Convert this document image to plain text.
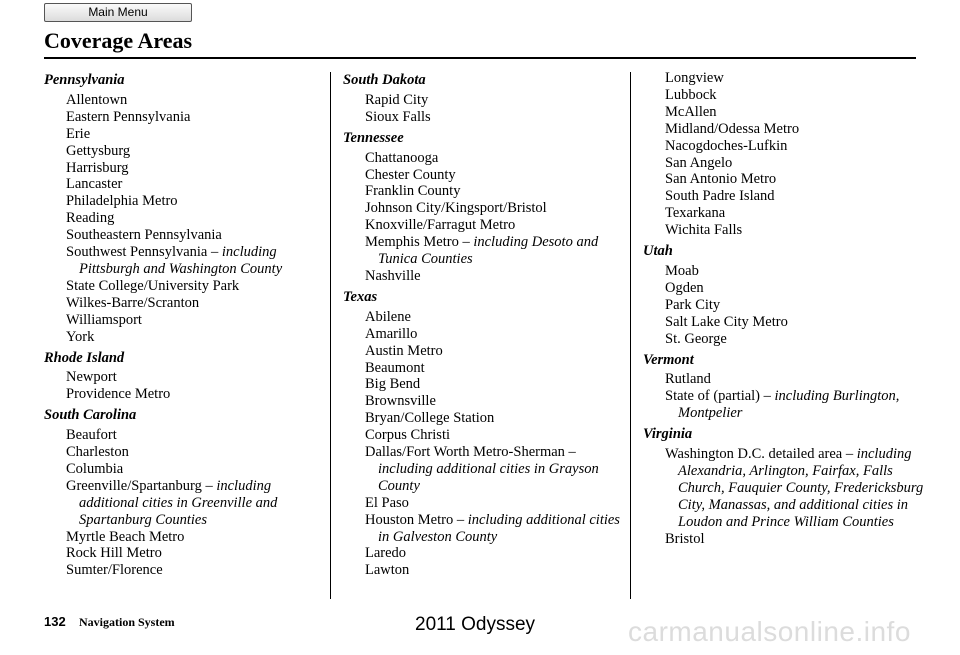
Main Menu
Coverage Areas
Pennsylvania
Allentown
Eastern Pennsylvania
Erie
Gettysburg
Harrisburg
Lancaster
Philadelphia Metro
Reading
Southeastern Pennsylvania
Southwest Pennsylvania – including Pittsburgh and Washington County
State College/University Park
Wilkes-Barre/Scranton
Williamsport
York
Rhode Island
Newport
Providence Metro
South Carolina
Beaufort
Charleston
Columbia
Greenville/Spartanburg – including additional cities in Greenville and Spartanburg Counties
Myrtle Beach Metro
Rock Hill Metro
Sumter/Florence
South Dakota
Rapid City
Sioux Falls
Tennessee
Chattanooga
Chester County
Franklin County
Johnson City/Kingsport/Bristol
Knoxville/Farragut Metro
Memphis Metro – including Desoto and Tunica Counties
Nashville
Texas
Abilene
Amarillo
Austin Metro
Beaumont
Big Bend
Brownsville
Bryan/College Station
Corpus Christi
Dallas/Fort Worth Metro-Sherman – including additional cities in Grayson County
El Paso
Houston Metro – including additional cities in Galveston County
Laredo
Lawton
Longview
Lubbock
McAllen
Midland/Odessa Metro
Nacogdoches-Lufkin
San Angelo
San Antonio Metro
South Padre Island
Texarkana
Wichita Falls
Utah
Moab
Ogden
Park City
Salt Lake City Metro
St. George
Vermont
Rutland
State of (partial) – including Burlington, Montpelier
Virginia
Washington D.C. detailed area – including Alexandria, Arlington, Fairfax, Falls Church, Fauquier County, Fredericksburg City, Manassas, and additional cities in Loudon and Prince William Counties
Bristol
132 Navigation System	2011 Odyssey	carmanualsonline.info
